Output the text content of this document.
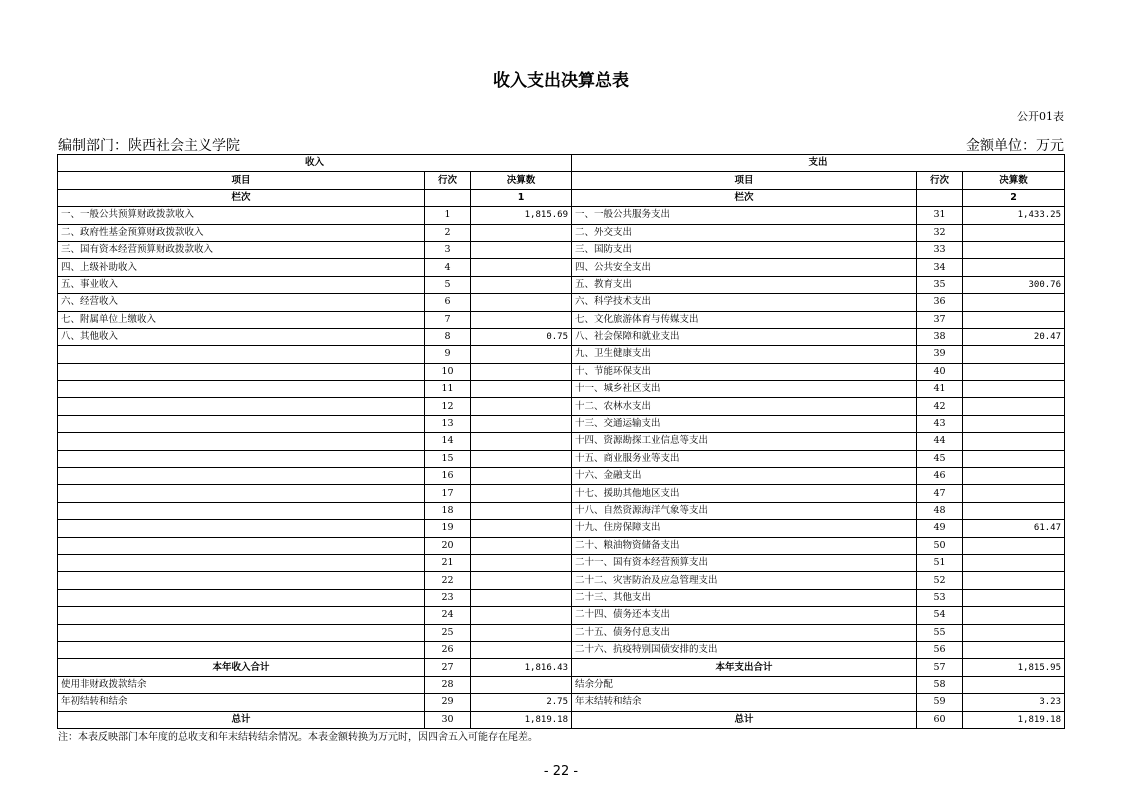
收入支出决算总表
公开01表
编制部门：陕西社会主义学院	金额单位：万元
收入			支出		
项目	行次	决算数	项目	行次	决算数
栏次		1	栏次		2
一、一般公共预算财政拨款收入	1	1,815.69	一、一般公共服务支出	31	1,433.25
二、政府性基金预算财政拨款收入	2		二、外交支出	32	
三、国有资本经营预算财政拨款收入	3		三、国防支出	33	
四、上级补助收入	4		四、公共安全支出	34	
五、事业收入	5		五、教育支出	35	300.76
六、经营收入	6		六、科学技术支出	36	
七、附属单位上缴收入	7		七、文化旅游体育与传媒支出	37	
八、其他收入	8	0.75	八、社会保障和就业支出	38	20.47
	9		九、卫生健康支出	39	
	10		十、节能环保支出	40	
	11		十一、城乡社区支出	41	
	12		十二、农林水支出	42	
	13		十三、交通运输支出	43	
	14		十四、资源勘探工业信息等支出	44	
	15		十五、商业服务业等支出	45	
	16		十六、金融支出	46	
	17		十七、援助其他地区支出	47	
	18		十八、自然资源海洋气象等支出	48	
	19		十九、住房保障支出	49	61.47
	20		二十、粮油物资储备支出	50	
	21		二十一、国有资本经营预算支出	51	
	22		二十二、灾害防治及应急管理支出	52	
	23		二十三、其他支出	53	
	24		二十四、债务还本支出	54	
	25		二十五、债务付息支出	55	
	26		二十六、抗疫特别国债安排的支出	56	
本年收入合计	27	1,816.43	本年支出合计	57	1,815.95
使用非财政拨款结余	28		结余分配	58	
年初结转和结余	29	2.75	年末结转和结余	59	3.23
总计	30	1,819.18	总计	60	1,819.18
注：本表反映部门本年度的总收支和年末结转结余情况。本表金额转换为万元时，因四舍五入可能存在尾差。
- 22 -
